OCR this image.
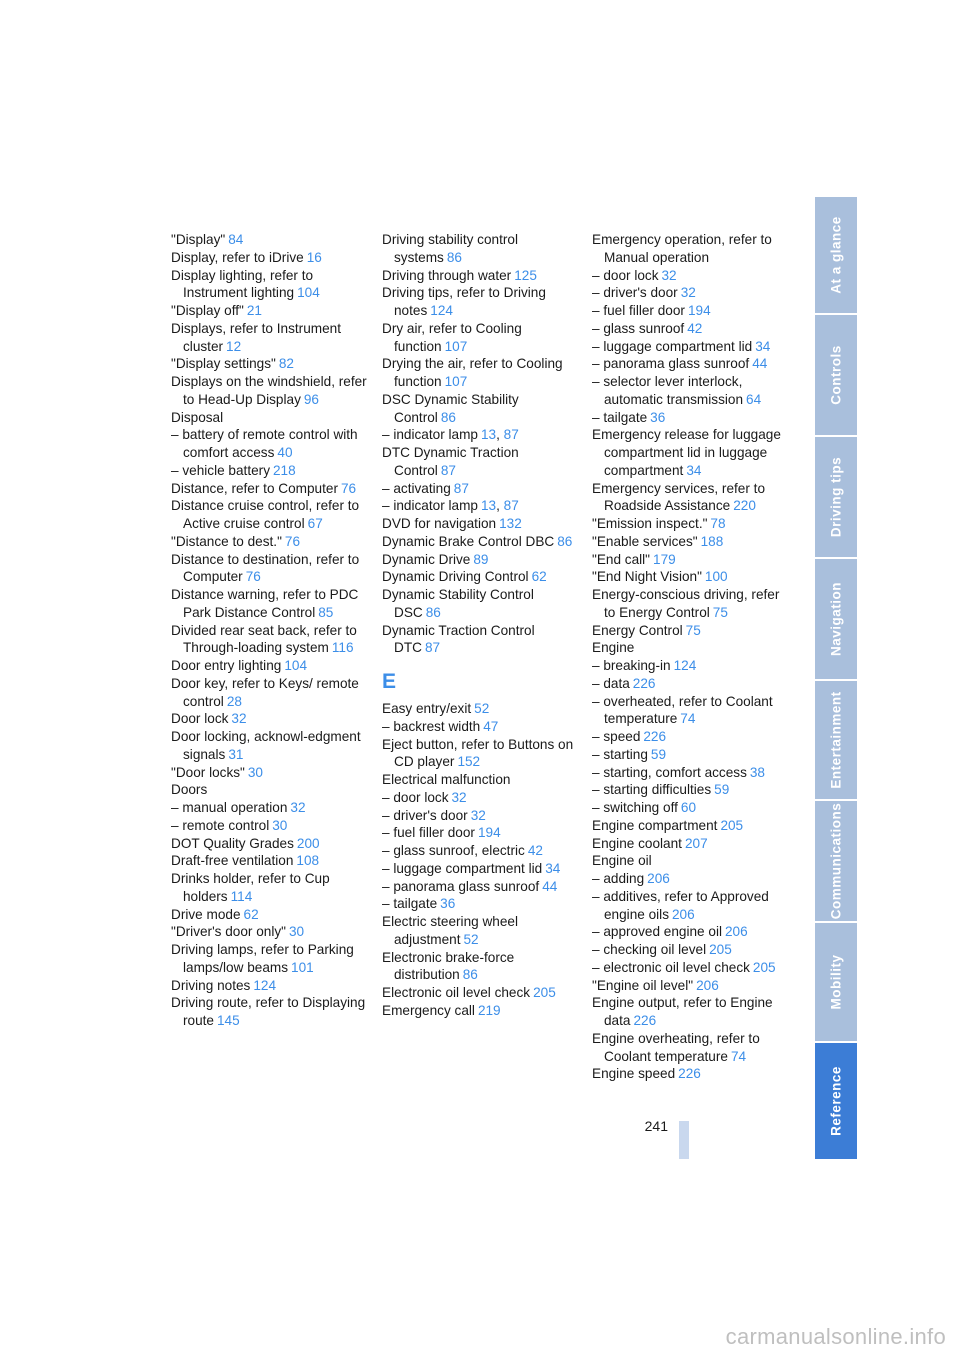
"Display" 84
Display, refer to iDrive 16
Display lighting, refer to Instrument lighting 104
"Display off" 21
Displays, refer to Instrument cluster 12
"Display settings" 82
Displays on the windshield, refer to Head-Up Display 96
Disposal
– battery of remote control with comfort access 40
– vehicle battery 218
Distance, refer to Computer 76
Distance cruise control, refer to Active cruise control 67
"Distance to dest." 76
Distance to destination, refer to Computer 76
Distance warning, refer to PDC Park Distance Control 85
Divided rear seat back, refer to Through-loading system 116
Door entry lighting 104
Door key, refer to Keys/ remote control 28
Door lock 32
Door locking, acknowl-edgment signals 31
"Door locks" 30
Doors
– manual operation 32
– remote control 30
DOT Quality Grades 200
Draft-free ventilation 108
Drinks holder, refer to Cup holders 114
Drive mode 62
"Driver's door only" 30
Driving lamps, refer to Parking lamps/low beams 101
Driving notes 124
Driving route, refer to Displaying route 145
Driving stability control systems 86
Driving through water 125
Driving tips, refer to Driving notes 124
Dry air, refer to Cooling function 107
Drying the air, refer to Cooling function 107
DSC Dynamic Stability Control 86
– indicator lamp 13, 87
DTC Dynamic Traction Control 87
– activating 87
– indicator lamp 13, 87
DVD for navigation 132
Dynamic Brake Control DBC 86
Dynamic Drive 89
Dynamic Driving Control 62
Dynamic Stability Control DSC 86
Dynamic Traction Control DTC 87
E
Easy entry/exit 52
– backrest width 47
Eject button, refer to Buttons on CD player 152
Electrical malfunction
– door lock 32
– driver's door 32
– fuel filler door 194
– glass sunroof, electric 42
– luggage compartment lid 34
– panorama glass sunroof 44
– tailgate 36
Electric steering wheel adjustment 52
Electronic brake-force distribution 86
Electronic oil level check 205
Emergency call 219
Emergency operation, refer to Manual operation
– door lock 32
– driver's door 32
– fuel filler door 194
– glass sunroof 42
– luggage compartment lid 34
– panorama glass sunroof 44
– selector lever interlock, automatic transmission 64
– tailgate 36
Emergency release for luggage compartment lid in luggage compartment 34
Emergency services, refer to Roadside Assistance 220
"Emission inspect." 78
"Enable services" 188
"End call" 179
"End Night Vision" 100
Energy-conscious driving, refer to Energy Control 75
Energy Control 75
Engine
– breaking-in 124
– data 226
– overheated, refer to Coolant temperature 74
– speed 226
– starting 59
– starting, comfort access 38
– starting difficulties 59
– switching off 60
Engine compartment 205
Engine coolant 207
Engine oil
– adding 206
– additives, refer to Approved engine oils 206
– approved engine oil 206
– checking oil level 205
– electronic oil level check 205
"Engine oil level" 206
Engine output, refer to Engine data 226
Engine overheating, refer to Coolant temperature 74
Engine speed 226
At a glance
Controls
Driving tips
Navigation
Entertainment
Communications
Mobility
Reference
241
carmanualsonline.info
